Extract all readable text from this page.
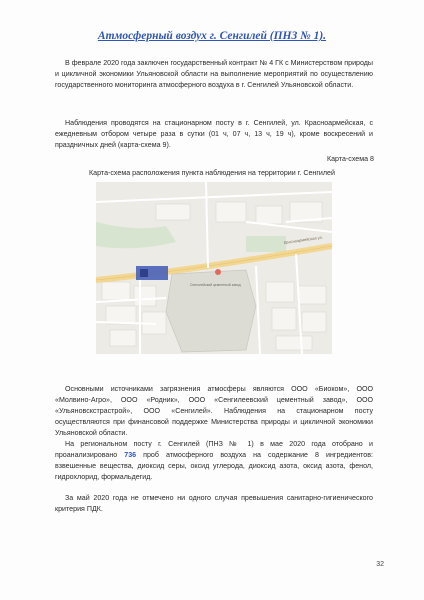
Атмосферный воздух г. Сенгилей (ПНЗ № 1).

В феврале 2020 года заключен государственный контракт № 4 ГК с Министерством природы и цикличной экономики Ульяновской области на выполнение мероприятий по осуществлению государственного мониторинга атмосферного воздуха в г. Сенгилей Ульяновской области.

Наблюдения проводятся на стационарном посту в г. Сенгилей, ул. Красноармейская, с ежедневным отбором четыре раза в сутки (01 ч, 07 ч, 13 ч, 19 ч), кроме воскресений и праздничных дней (карта-схема 9).

Карта-схема 8
Карта-схема расположения пункта наблюдения на территории г. Сенгилей
Красноармейская ул.
Сенгилейский цементный завод

Основными источниками загрязнения атмосферы являются ООО «Биоком», ООО «Молвино-Агро», ООО «Родник», ООО «Сенгилеевский цементный завод», ООО «Ульяновскстрастрой», ООО «Сенгилей». Наблюдения на стационарном посту осуществляются при финансовой поддержке Министерства природы и цикличной экономики Ульяновской области.

На региональном посту г. Сенгилей (ПНЗ № 1) в мае 2020 года отобрано и проанализировано 736 проб атмосферного воздуха на содержание 8 ингредиентов: взвешенные вещества, диоксид серы, оксид углерода, диоксид азота, оксид азота, фенол, гидрохлорид, формальдегид.

За май 2020 года не отмечено ни одного случая превышения санитарно-гигиенического критерия ПДК.

32
